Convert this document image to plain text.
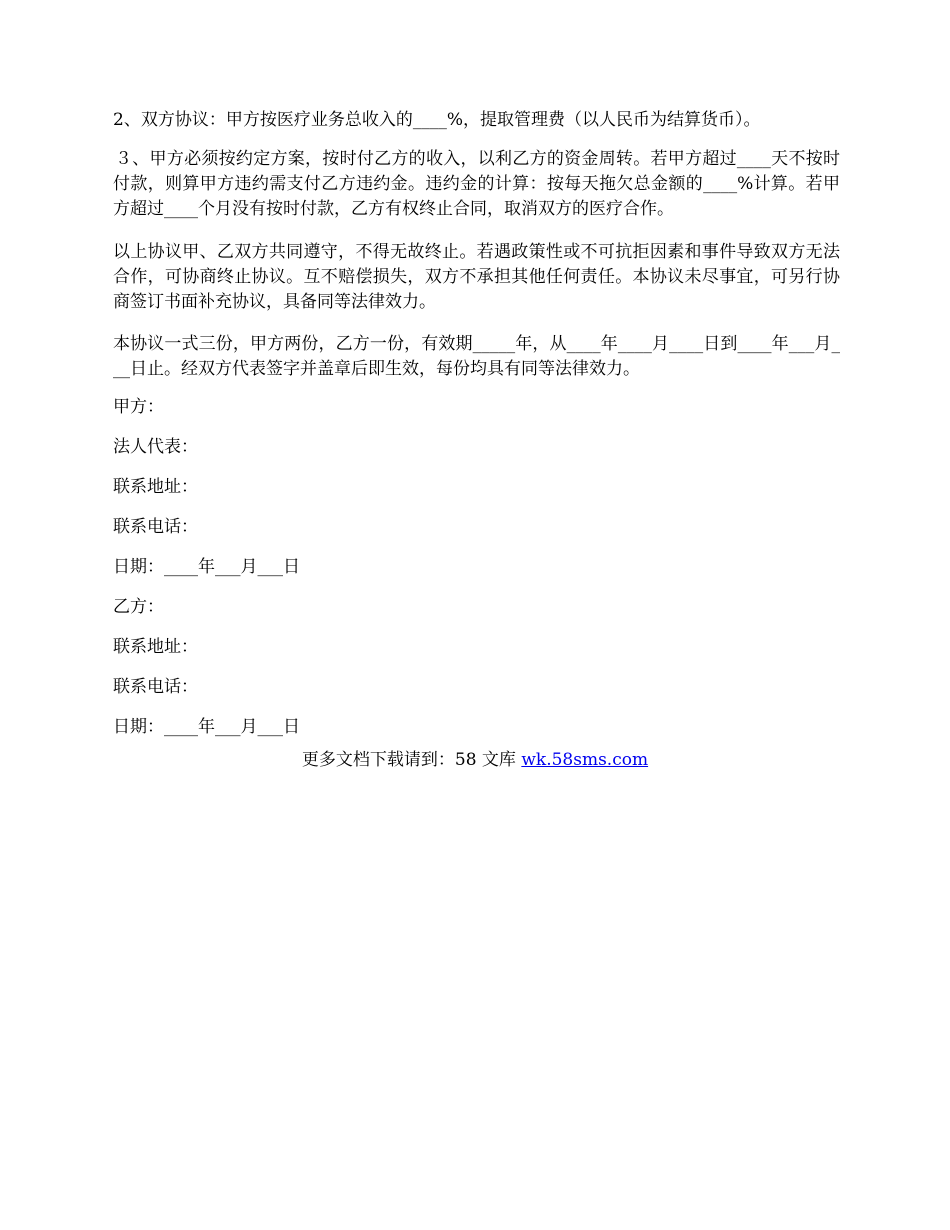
2、双方协议：甲方按医疗业务总收入的____%，提取管理费（以人民币为结算货币）。

３、甲方必须按约定方案，按时付乙方的收入，以利乙方的资金周转。若甲方超过____天不按时付款，则算甲方违约需支付乙方违约金。违约金的计算：按每天拖欠总金额的____%计算。若甲方超过____个月没有按时付款，乙方有权终止合同，取消双方的医疗合作。

以上协议甲、乙双方共同遵守，不得无故终止。若遇政策性或不可抗拒因素和事件导致双方无法合作，可协商终止协议。互不赔偿损失，双方不承担其他任何责任。本协议未尽事宜，可另行协商签订书面补充协议，具备同等法律效力。

本协议一式三份，甲方两份，乙方一份，有效期_____年，从____年____月____日到____年___月___日止。经双方代表签字并盖章后即生效，每份均具有同等法律效力。

甲方：

法人代表：

联系地址：

联系电话：

日期：____年___月___日

乙方：

联系地址：

联系电话：

日期：____年___月___日

更多文档下载请到：58 文库 wk.58sms.com
